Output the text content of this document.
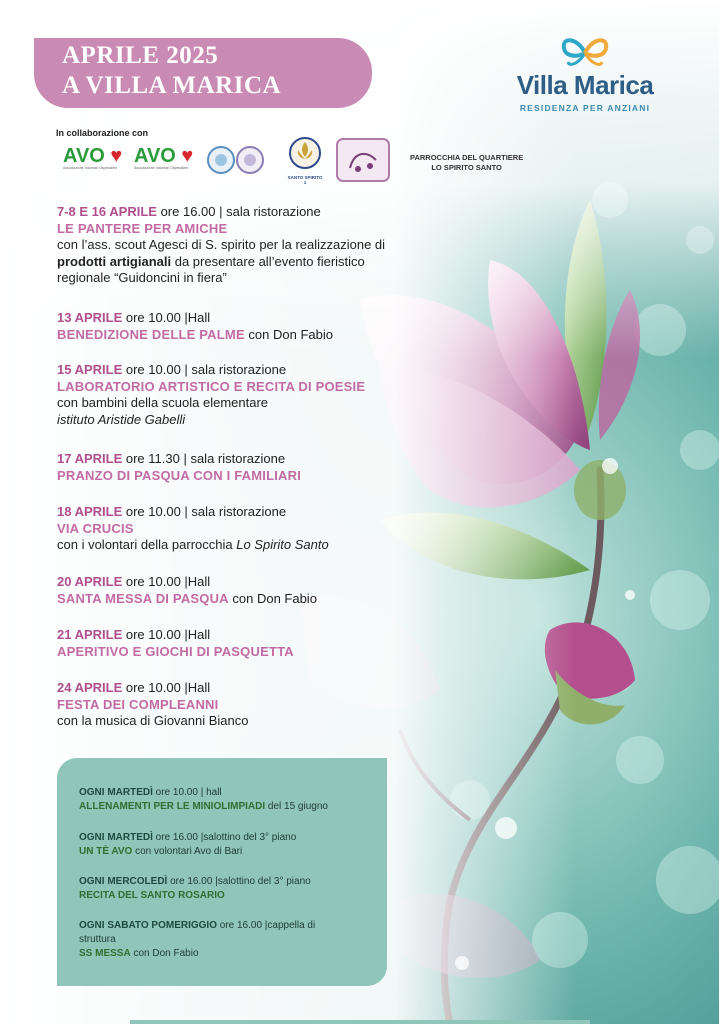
APRILE 2025
A VILLA MARICA	Villa Marica
RESIDENZA PER ANZIANI
In collaborazione con
AVO ♥
Associazione Volontari Ospedalieri
AVO ♥
Associazione Volontari Ospedalieri
SANTO SPIRITO 1
PARROCCHIA DEL QUARTIERE
LO SPIRITO SANTO
7-8 E 16 APRILE ore 16.00 | sala ristorazione
LE PANTERE PER AMICHE
con l’ass. scout Agesci di S. spirito per la realizzazione di
prodotti artigianali da presentare all’evento fieristico
regionale “Guidoncini in fiera”
13 APRILE ore 10.00 |Hall
BENEDIZIONE DELLE PALME con Don Fabio
15 APRILE ore 10.00 | sala ristorazione
LABORATORIO ARTISTICO E RECITA DI POESIE
con bambini della scuola elementare
istituto Aristide Gabelli
17 APRILE ore 11.30 | sala ristorazione
PRANZO DI PASQUA CON I FAMILIARI
18 APRILE ore 10.00 | sala ristorazione
VIA CRUCIS
con i volontari della parrocchia Lo Spirito Santo
20 APRILE ore 10.00 |Hall
SANTA MESSA DI PASQUA con Don Fabio
21 APRILE ore 10.00 |Hall
APERITIVO E GIOCHI DI PASQUETTA
24 APRILE ore 10.00 |Hall
FESTA DEI COMPLEANNI
con la musica di Giovanni Bianco
OGNI MARTEDÌ ore 10.00 | hall
ALLENAMENTI PER LE MINIOLIMPIADI del 15 giugno
OGNI MARTEDÌ ore 16.00 |salottino del 3° piano
UN TÈ AVO con volontari Avo di Bari
OGNI MERCOLEDÌ ore 16.00 |salottino del 3° piano
RECITA DEL SANTO ROSARIO
OGNI SABATO POMERIGGIO ore 16.00 |cappella di
struttura
SS MESSA con Don Fabio
